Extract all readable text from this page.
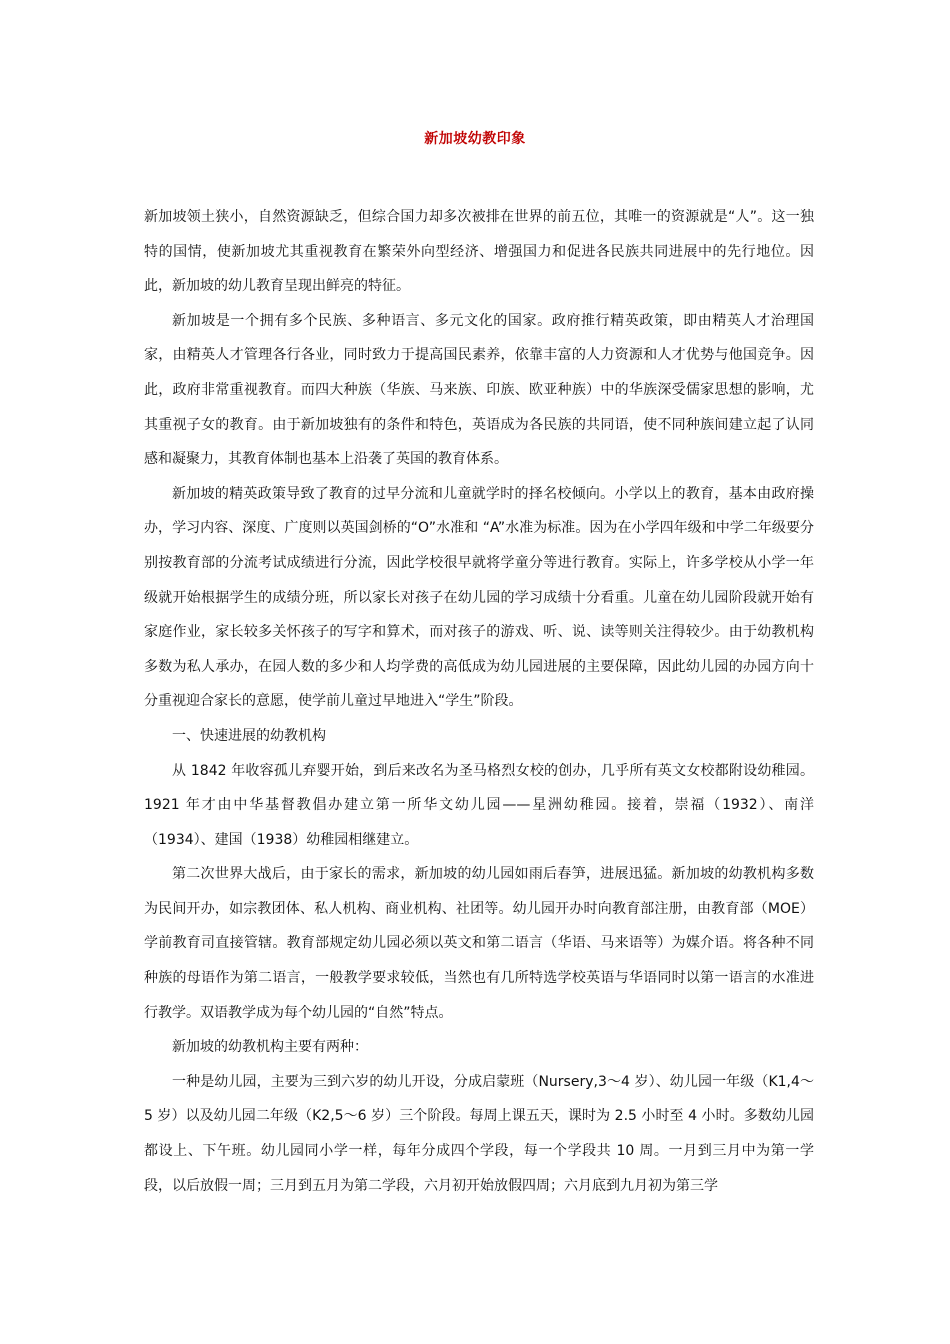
新加坡幼教印象

新加坡领土狭小，自然资源缺乏，但综合国力却多次被排在世界的前五位，其唯一的资源就是“人”。这一独特的国情，使新加坡尤其重视教育在繁荣外向型经济、增强国力和促进各民族共同进展中的先行地位。因此，新加坡的幼儿教育呈现出鲜亮的特征。

新加坡是一个拥有多个民族、多种语言、多元文化的国家。政府推行精英政策，即由精英人才治理国家，由精英人才管理各行各业，同时致力于提高国民素养，依靠丰富的人力资源和人才优势与他国竞争。因此，政府非常重视教育。而四大种族（华族、马来族、印族、欧亚种族）中的华族深受儒家思想的影响，尤其重视子女的教育。由于新加坡独有的条件和特色，英语成为各民族的共同语，使不同种族间建立起了认同感和凝聚力，其教育体制也基本上沿袭了英国的教育体系。

新加坡的精英政策导致了教育的过早分流和儿童就学时的择名校倾向。小学以上的教育，基本由政府操办，学习内容、深度、广度则以英国剑桥的“O”水准和 “A”水准为标准。因为在小学四年级和中学二年级要分别按教育部的分流考试成绩进行分流，因此学校很早就将学童分等进行教育。实际上，许多学校从小学一年级就开始根据学生的成绩分班，所以家长对孩子在幼儿园的学习成绩十分看重。儿童在幼儿园阶段就开始有家庭作业，家长较多关怀孩子的写字和算术，而对孩子的游戏、听、说、读等则关注得较少。由于幼教机构多数为私人承办，在园人数的多少和人均学费的高低成为幼儿园进展的主要保障，因此幼儿园的办园方向十分重视迎合家长的意愿，使学前儿童过早地进入“学生”阶段。

一、快速进展的幼教机构

从 1842 年收容孤儿弃婴开始，到后来改名为圣马格烈女校的创办，几乎所有英文女校都附设幼稚园。1921 年才由中华基督教倡办建立第一所华文幼儿园——星洲幼稚园。接着，崇福（1932）、南洋（1934）、建国（1938）幼稚园相继建立。

第二次世界大战后，由于家长的需求，新加坡的幼儿园如雨后春笋，进展迅猛。新加坡的幼教机构多数为民间开办，如宗教团体、私人机构、商业机构、社团等。幼儿园开办时向教育部注册，由教育部（MOE）学前教育司直接管辖。教育部规定幼儿园必须以英文和第二语言（华语、马来语等）为媒介语。将各种不同种族的母语作为第二语言，一般教学要求较低，当然也有几所特选学校英语与华语同时以第一语言的水准进行教学。双语教学成为每个幼儿园的“自然”特点。

新加坡的幼教机构主要有两种：

一种是幼儿园，主要为三到六岁的幼儿开设，分成启蒙班（Nursery,3～4 岁）、幼儿园一年级（K1,4～5 岁）以及幼儿园二年级（K2,5～6 岁）三个阶段。每周上课五天，课时为 2.5 小时至 4 小时。多数幼儿园都设上、下午班。幼儿园同小学一样，每年分成四个学段，每一个学段共 10 周。一月到三月中为第一学段，以后放假一周；三月到五月为第二学段，六月初开始放假四周；六月底到九月初为第三学
